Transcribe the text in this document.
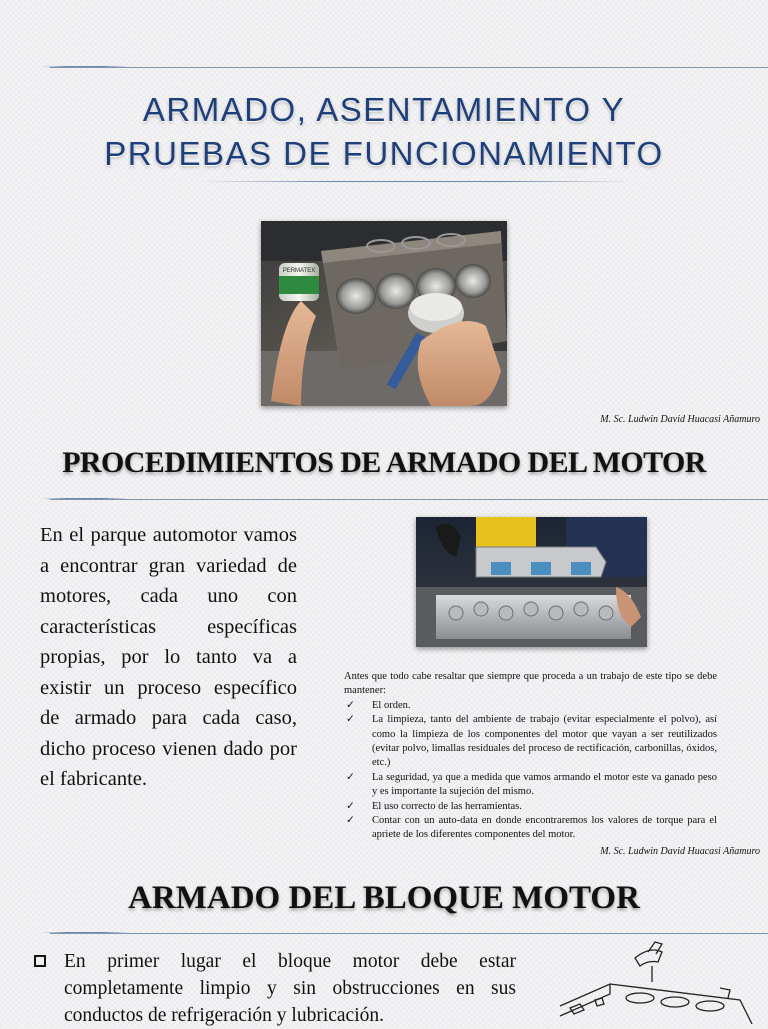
ARMADO, ASENTAMIENTO Y
PRUEBAS DE FUNCIONAMIENTO
PERMATEX
M. Sc. Ludwin David Huacasi Añamuro
PROCEDIMIENTOS DE ARMADO DEL MOTOR
En el parque automotor vamos a encontrar gran variedad de motores, cada uno con características específicas propias, por lo tanto va a existir un proceso específico de armado para cada caso, dicho proceso vienen dado por el fabricante.
Antes que todo cabe resaltar que siempre que proceda a un trabajo de este tipo se debe mantener:
✓ El orden.
✓ La limpieza, tanto del ambiente de trabajo (evitar especialmente el polvo), así como la limpieza de los componentes del motor que vayan a ser reutilizados (evitar polvo, limallas residuales del proceso de rectificación, carbonillas, óxidos, etc.)
✓ La seguridad, ya que a medida que vamos armando el motor este va ganado peso y es importante la sujeción del mismo.
✓ El uso correcto de las herramientas.
✓ Contar con un auto-data en donde encontraremos los valores de torque para el apriete de los diferentes componentes del motor.
M. Sc. Ludwin David Huacasi Añamuro
ARMADO DEL BLOQUE MOTOR
En primer lugar el bloque motor debe estar completamente limpio y sin obstrucciones en sus conductos de refrigeración y lubricación.
